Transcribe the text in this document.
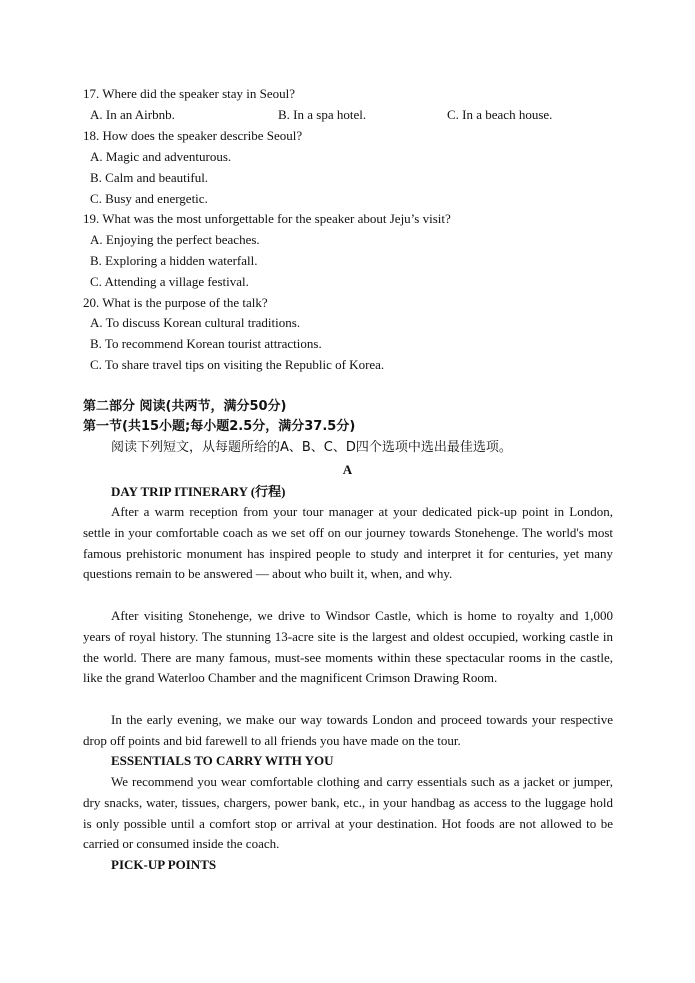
17. Where did the speaker stay in Seoul?
A. In an Airbnb.	B. In a spa hotel.	C. In a beach house.
18. How does the speaker describe Seoul?
A. Magic and adventurous.
B. Calm and beautiful.
C. Busy and energetic.
19. What was the most unforgettable for the speaker about Jeju’s visit?
A. Enjoying the perfect beaches.
B. Exploring a hidden waterfall.
C. Attending a village festival.
20. What is the purpose of the talk?
A. To discuss Korean cultural traditions.
B. To recommend Korean tourist attractions.
C. To share travel tips on visiting the Republic of Korea.
第二部分 阅读(共两节，满分50分)
第一节(共15小题;每小题2.5分，满分37.5分)
阅读下列短文，从每题所给的A、B、C、D四个选项中选出最佳选项。
A
DAY TRIP ITINERARY (行程)
After a warm reception from your tour manager at your dedicated pick-up point in London, settle in your comfortable coach as we set off on our journey towards Stonehenge. The world's most famous prehistoric monument has inspired people to study and interpret it for centuries, yet many questions remain to be answered — about who built it, when, and why.
After visiting Stonehenge, we drive to Windsor Castle, which is home to royalty and 1,000 years of royal history. The stunning 13-acre site is the largest and oldest occupied, working castle in the world. There are many famous, must-see moments within these spectacular rooms in the castle, like the grand Waterloo Chamber and the magnificent Crimson Drawing Room.
In the early evening, we make our way towards London and proceed towards your respective drop off points and bid farewell to all friends you have made on the tour.
ESSENTIALS TO CARRY WITH YOU
We recommend you wear comfortable clothing and carry essentials such as a jacket or jumper, dry snacks, water, tissues, chargers, power bank, etc., in your handbag as access to the luggage hold is only possible until a comfort stop or arrival at your destination. Hot foods are not allowed to be carried or consumed inside the coach.
PICK-UP POINTS
